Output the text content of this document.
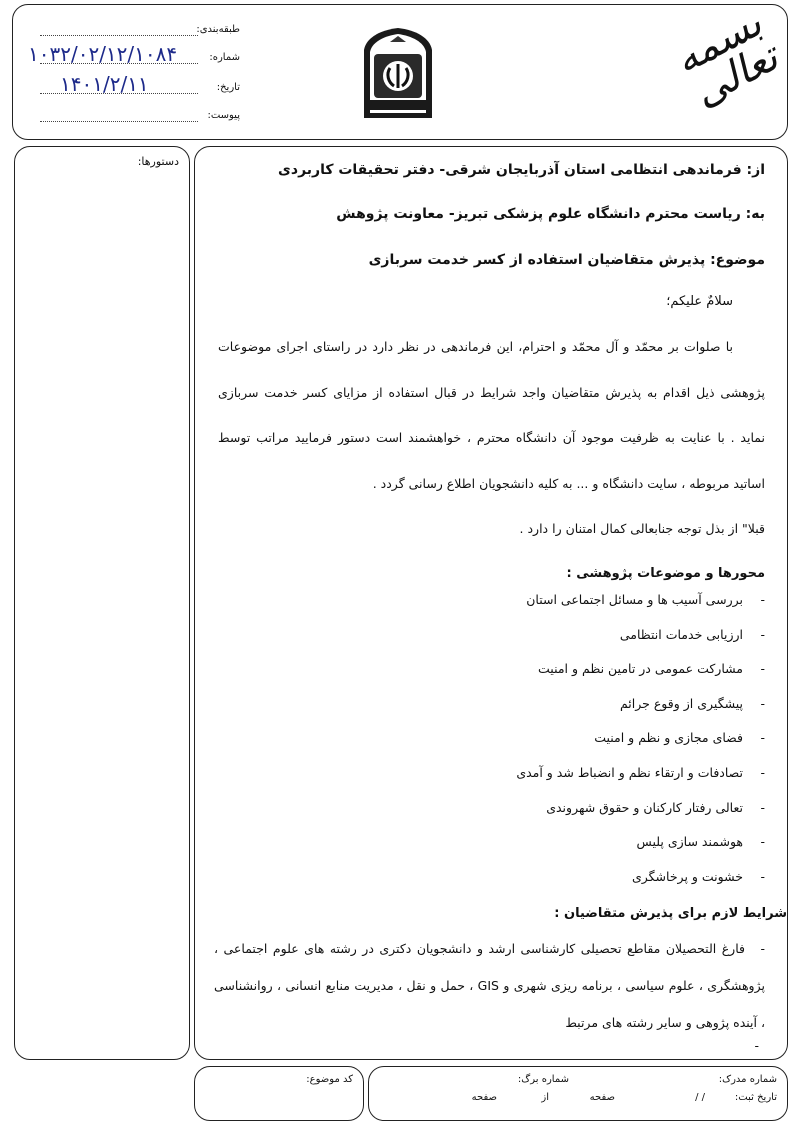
دستورها:
طبقه‌بندی:
شماره:
۱۰۳۲/۰۲/۱۲/۱۰۸۴
تاریخ:
۱۴۰۱/۲/۱۱
پیوست:
بسمه تعالی
از: فرماندهی انتظامی استان آذربایجان شرقی- دفتر تحقیقات کاربردی
به: ریاست محترم دانشگاه علوم پزشکی تبریز- معاونت پژوهش
موضوع: پذیرش متقاضیان استفاده از کسر خدمت سربازی
سلامٌ علیکم؛
با صلوات بر محمّد و آل محمّد و احترام، این فرماندهی در نظر دارد در راستای اجرای موضوعات پژوهشی ذیل اقدام به پذیرش متقاضیان واجد شرایط در قبال استفاده از مزایای کسر خدمت سربازی نماید . با عنایت به ظرفیت موجود آن دانشگاه محترم ، خواهشمند است دستور فرمایید مراتب توسط اساتید مربوطه ، سایت دانشگاه و ... به کلیه دانشجویان اطلاع رسانی گردد .
قبلا" از بذل توجه جنابعالی کمال امتنان را دارد .
محورها و موضوعات پژوهشی :
-بررسی آسیب ها و مسائل اجتماعی استان
-ارزیابی خدمات انتظامی
-مشارکت عمومی در تامین نظم و امنیت
-پیشگیری از وقوع جرائم
-فضای مجازی و نظم و امنیت
-تصادفات و ارتقاء نظم و انضباط شد و آمدی
-تعالی رفتار کارکنان و حقوق شهروندی
-هوشمند سازی پلیس
-خشونت و پرخاشگری
شرایط لازم برای پذیرش متقاضیان :
-فارغ التحصیلان مقاطع تحصیلی کارشناسی ارشد و دانشجویان دکتری در رشته های علوم اجتماعی ، پژوهشگری ، علوم سیاسی ، برنامه ریزی شهری و GIS ، حمل و نقل ، مدیریت منابع انسانی ، روانشناسی ، آینده پژوهی و سایر رشته های مرتبط
-
کد موضوع:	شماره مدرک:
شماره برگ:
تاریخ ثبت:
/ /
صفحه
از
صفحه
